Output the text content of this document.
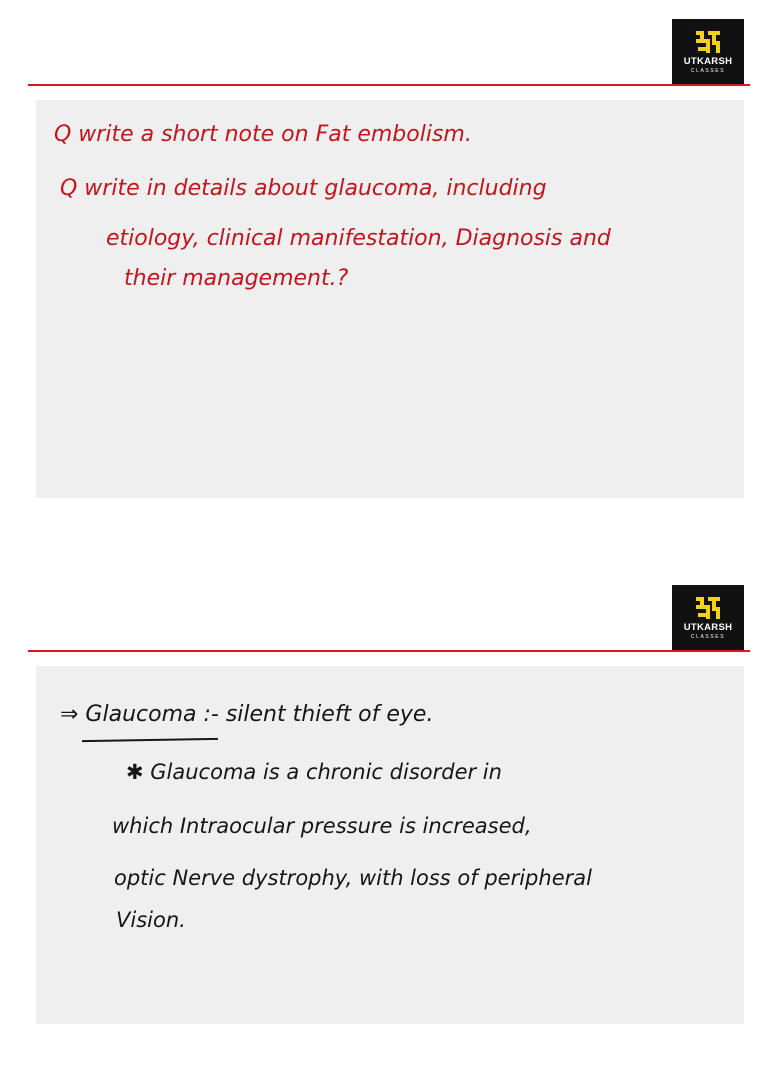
UTKARSH
CLASSES
Q write a short note on Fat embolism.
Q write in details about glaucoma, including
etiology, clinical manifestation, Diagnosis and
their management.?
UTKARSH
CLASSES
⇒ Glaucoma :- silent thieft of eye.
✱ Glaucoma is a chronic disorder in
which Intraocular pressure is increased,
optic Nerve dystrophy, with loss of peripheral
Vision.
